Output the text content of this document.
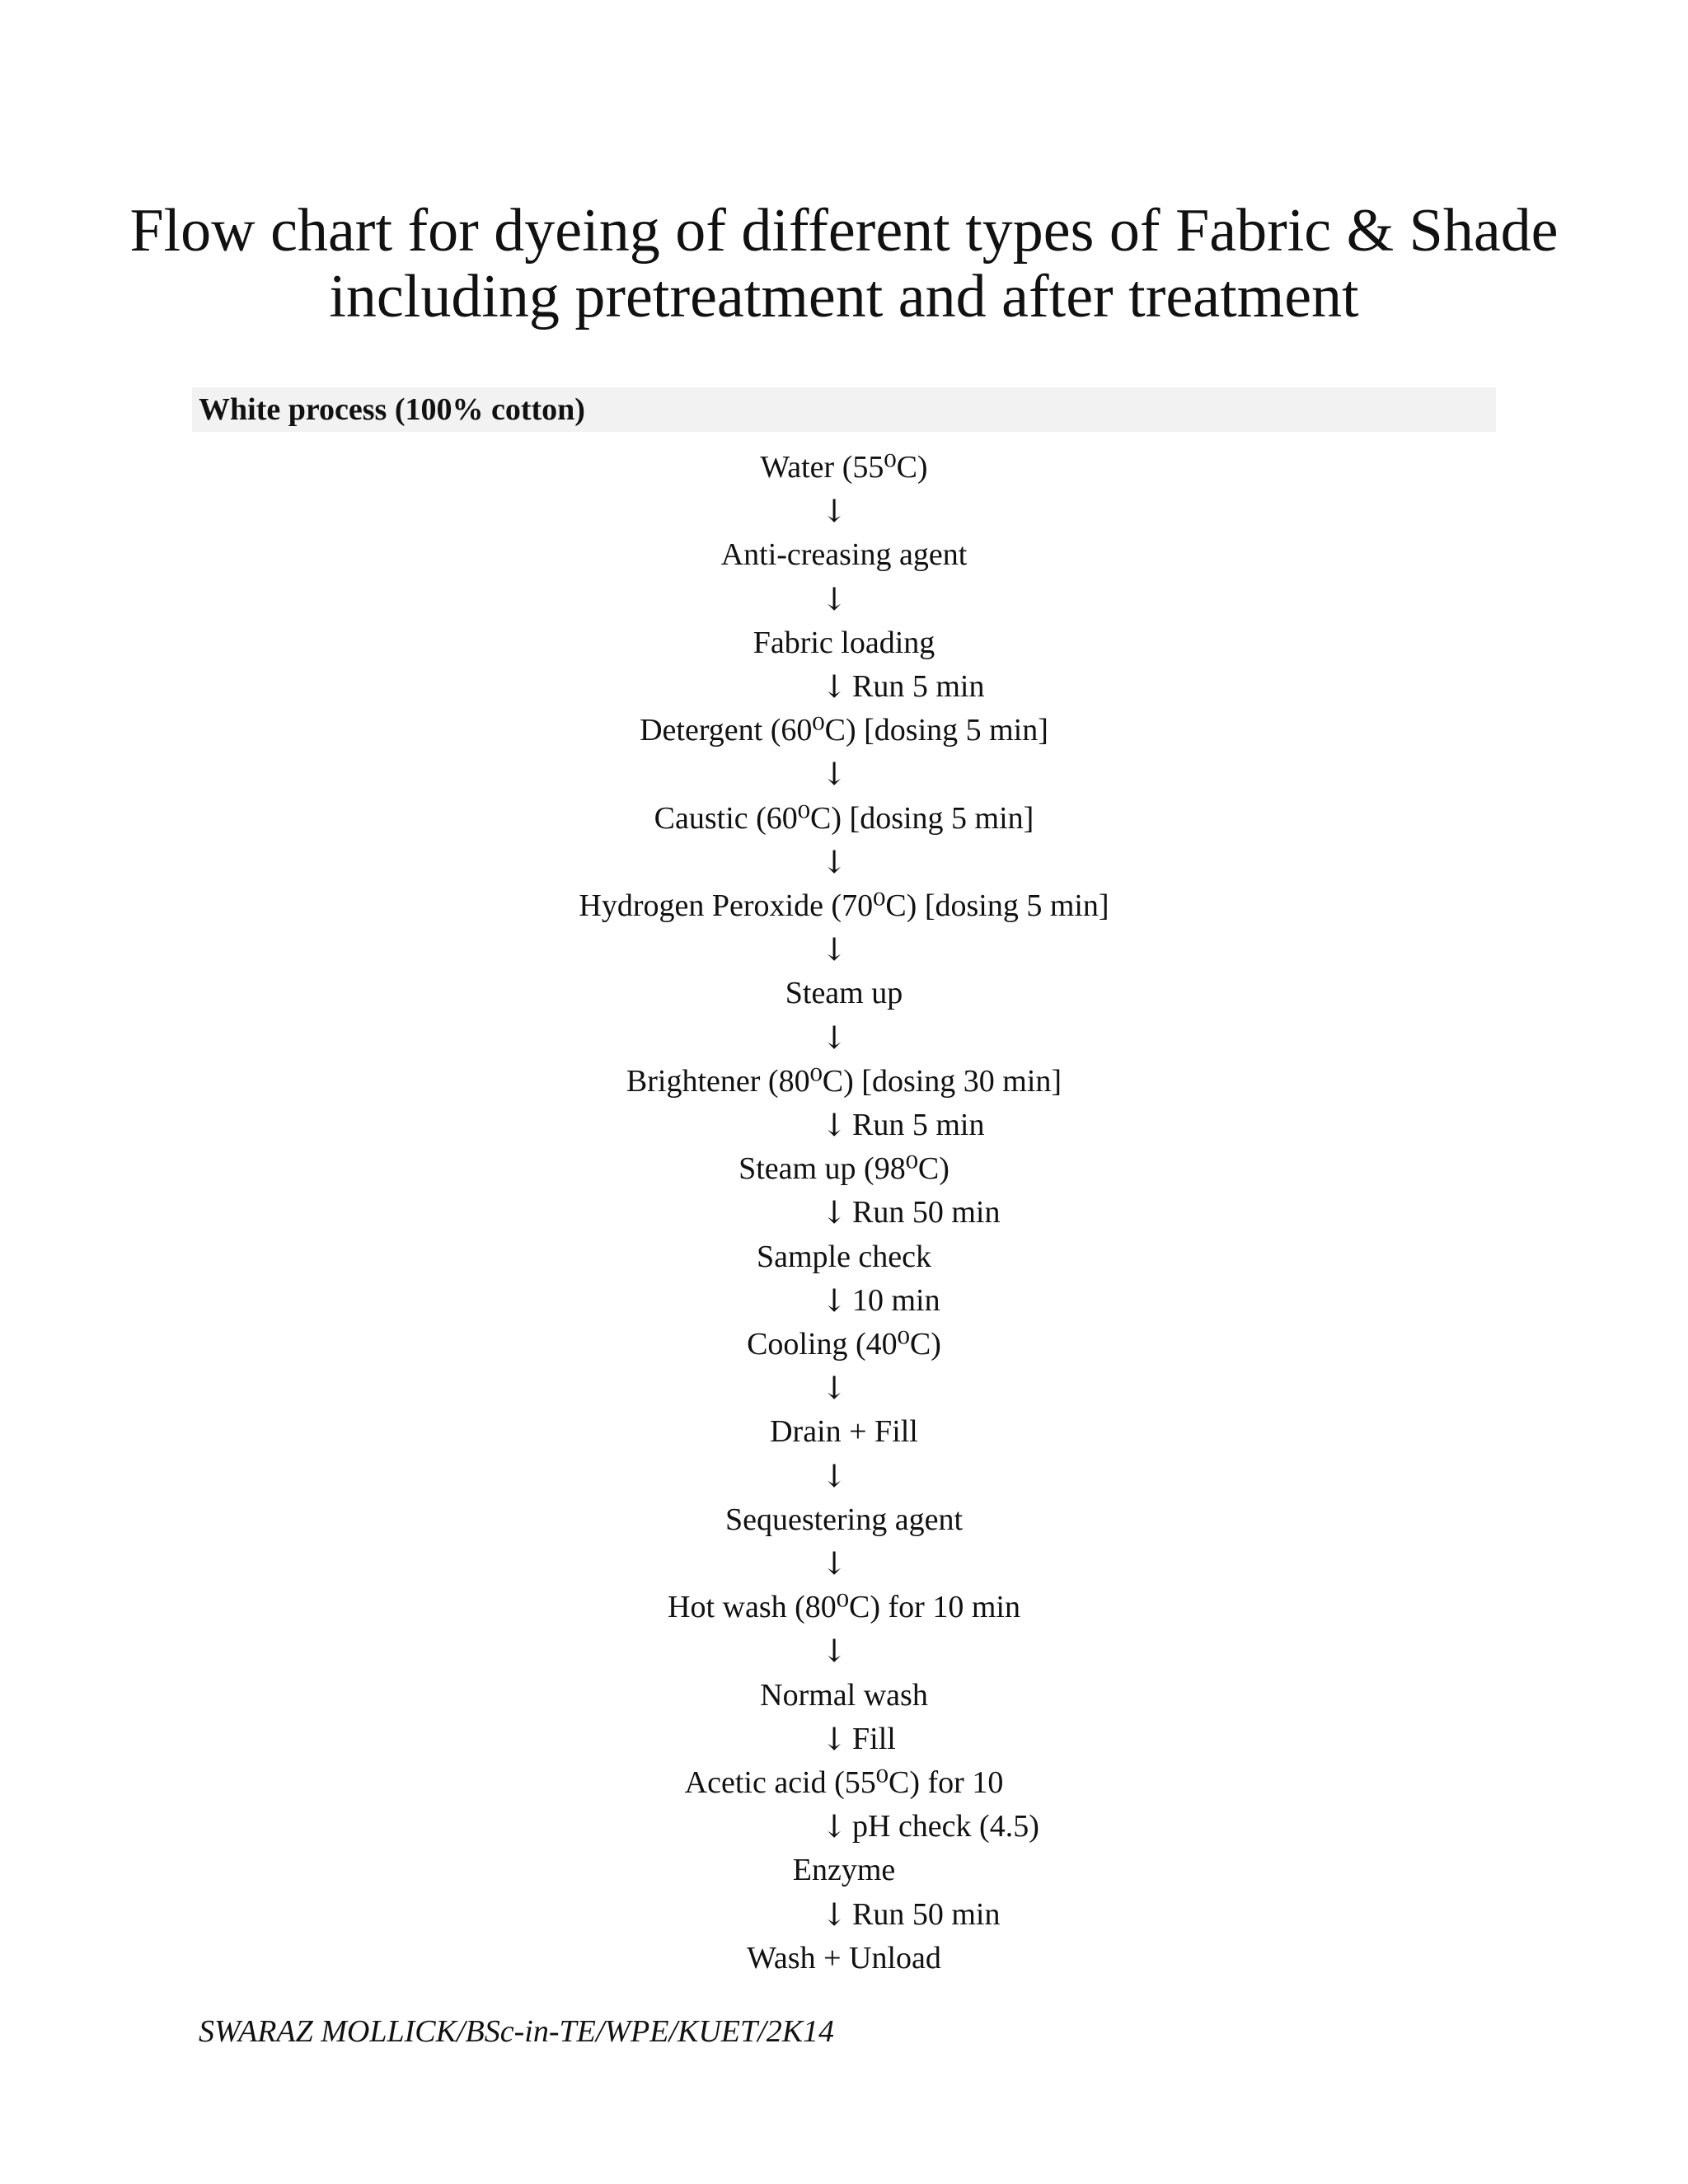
Flow chart for dyeing of different types of Fabric & Shade
including pretreatment and after treatment
White process (100% cotton)
Water (55⁰C)
↓
Anti-creasing agent
↓
Fabric loading
↓ Run 5 min
Detergent (60⁰C) [dosing 5 min]
↓
Caustic (60⁰C) [dosing 5 min]
↓
Hydrogen Peroxide (70⁰C) [dosing 5 min]
↓
Steam up
↓
Brightener (80⁰C) [dosing 30 min]
↓ Run 5 min
Steam up (98⁰C)
↓ Run 50 min
Sample check
↓ 10 min
Cooling (40⁰C)
↓
Drain + Fill
↓
Sequestering agent
↓
Hot wash (80⁰C) for 10 min
↓
Normal wash
↓ Fill
Acetic acid (55⁰C) for 10
↓ pH check (4.5)
Enzyme
↓ Run 50 min
Wash + Unload
SWARAZ MOLLICK/BSc-in-TE/WPE/KUET/2K14
